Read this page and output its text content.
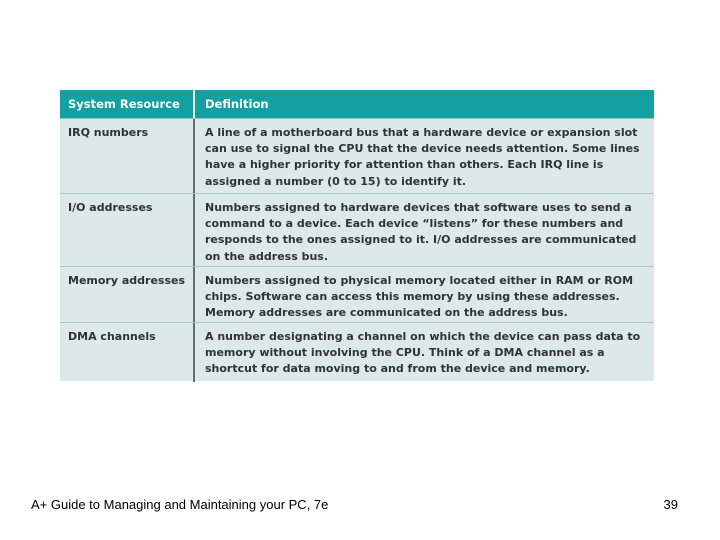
System Resource	Definition
IRQ numbers	A line of a motherboard bus that a hardware device or expansion slot can use to signal the CPU that the device needs attention. Some lines have a higher priority for attention than others. Each IRQ line is assigned a number (0 to 15) to identify it.
I/O addresses	Numbers assigned to hardware devices that software uses to send a command to a device. Each device “listens” for these numbers and responds to the ones assigned to it. I/O addresses are communicated on the address bus.
Memory addresses	Numbers assigned to physical memory located either in RAM or ROM chips. Software can access this memory by using these addresses. Memory addresses are communicated on the address bus.
DMA channels	A number designating a channel on which the device can pass data to memory without involving the CPU. Think of a DMA channel as a shortcut for data moving to and from the device and memory.
A+ Guide to Managing and Maintaining your PC, 7e	39
